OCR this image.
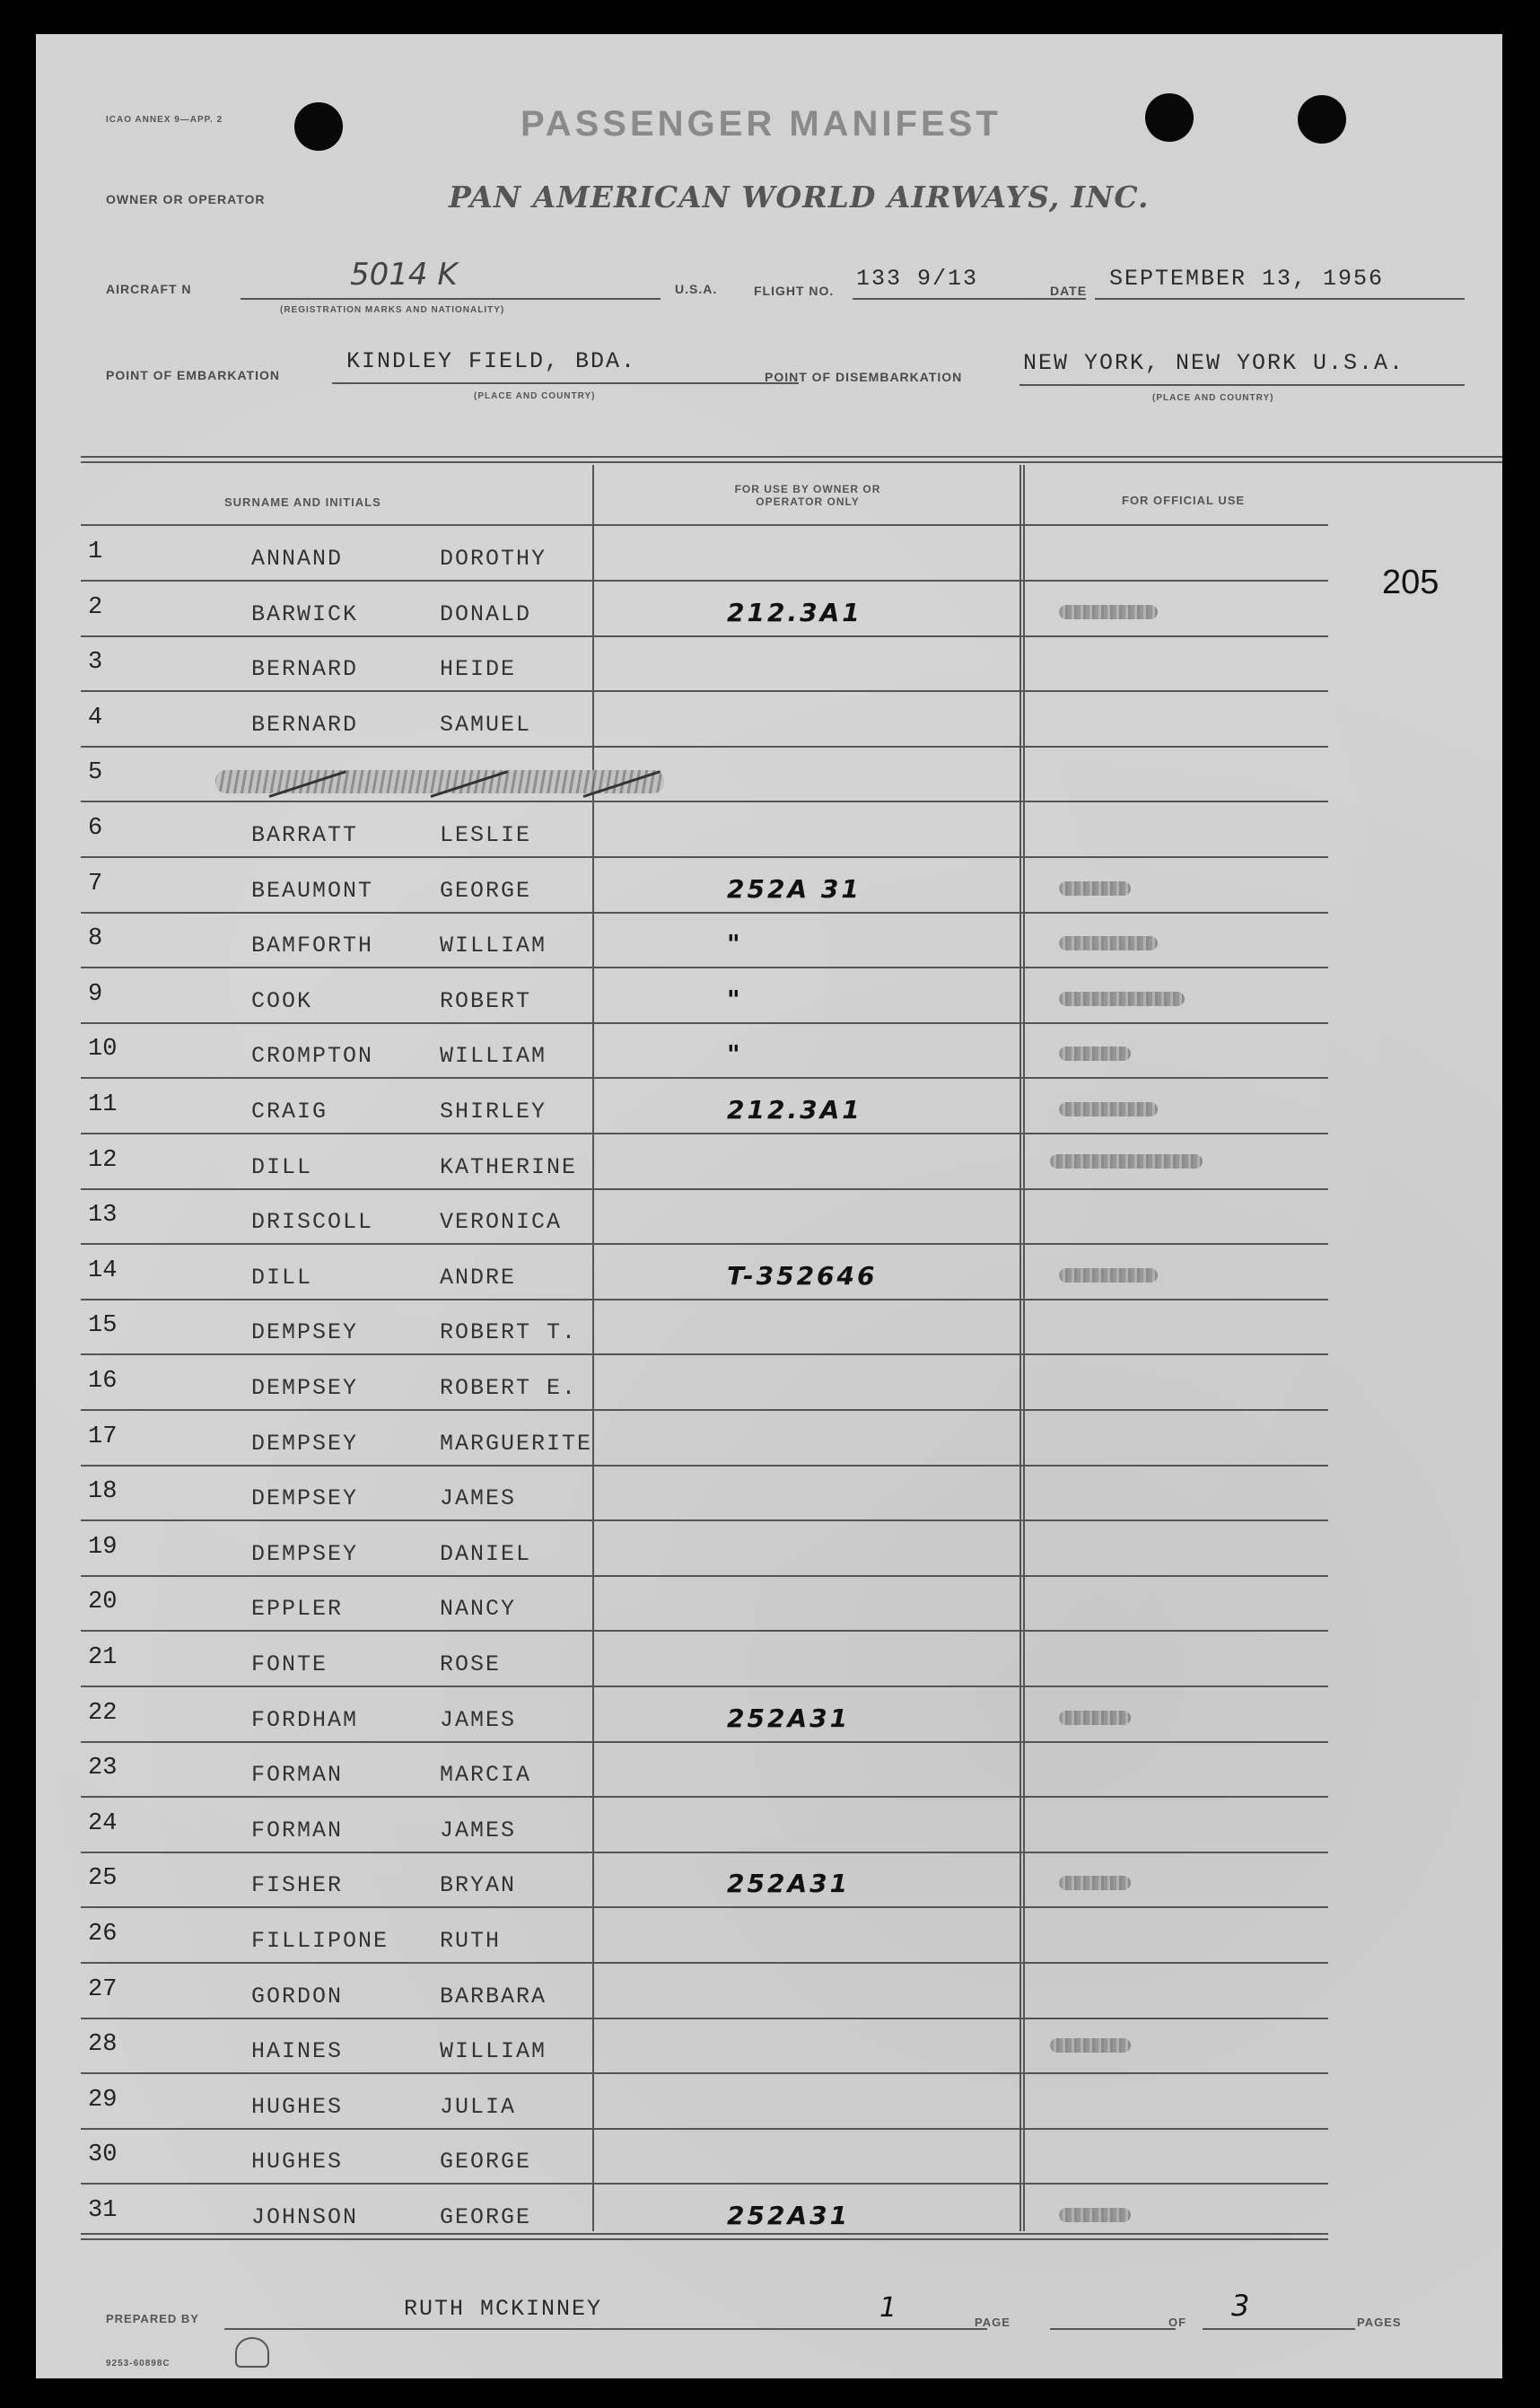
ICAO ANNEX 9—APP. 2	PASSENGER MANIFEST
OWNER OR OPERATOR	PAN AMERICAN WORLD AIRWAYS, INC.
AIRCRAFT N	5014 K
(REGISTRATION MARKS AND NATIONALITY)
U.S.A.	FLIGHT NO. 133 9/13	DATE SEPTEMBER 13, 1956
POINT OF EMBARKATION
KINDLEY FIELD, BDA.
(PLACE AND COUNTRY)
POINT OF DISEMBARKATION
NEW YORK, NEW YORK U.S.A.
(PLACE AND COUNTRY)
SURNAME AND INITIALS
FOR USE BY OWNER OR OPERATOR ONLY	FOR OFFICIAL USE
205
1	ANNAND	DOROTHY
2	BARWICK	DONALD	212.3A1
3	BERNARD	HEIDE
4	BERNARD	SAMUEL
5
6	BARRATT	LESLIE
7	BEAUMONT	GEORGE	252A 31
8	BAMFORTH	WILLIAM	"
9	COOK	ROBERT	"
10	CROMPTON	WILLIAM	"
11	CRAIG	SHIRLEY	212.3A1
12	DILL	KATHERINE
13	DRISCOLL	VERONICA
14	DILL	ANDRE	T-352646
15	DEMPSEY	ROBERT T.
16	DEMPSEY	ROBERT E.
17	DEMPSEY	MARGUERITE
18	DEMPSEY	JAMES
19	DEMPSEY	DANIEL
20	EPPLER	NANCY
21	FONTE	ROSE
22	FORDHAM	JAMES	252A31
23	FORMAN	MARCIA
24	FORMAN	JAMES
25	FISHER	BRYAN	252A31
26	FILLIPONE RUTH
27	GORDON	BARBARA
28	HAINES	WILLIAM
29	HUGHES	JULIA
30	HUGHES	GEORGE
31	JOHNSON	GEORGE	252A31
PREPARED BY	RUTH MCKINNEY	1	PAGE	OF 3	PAGES
9253-60898C
